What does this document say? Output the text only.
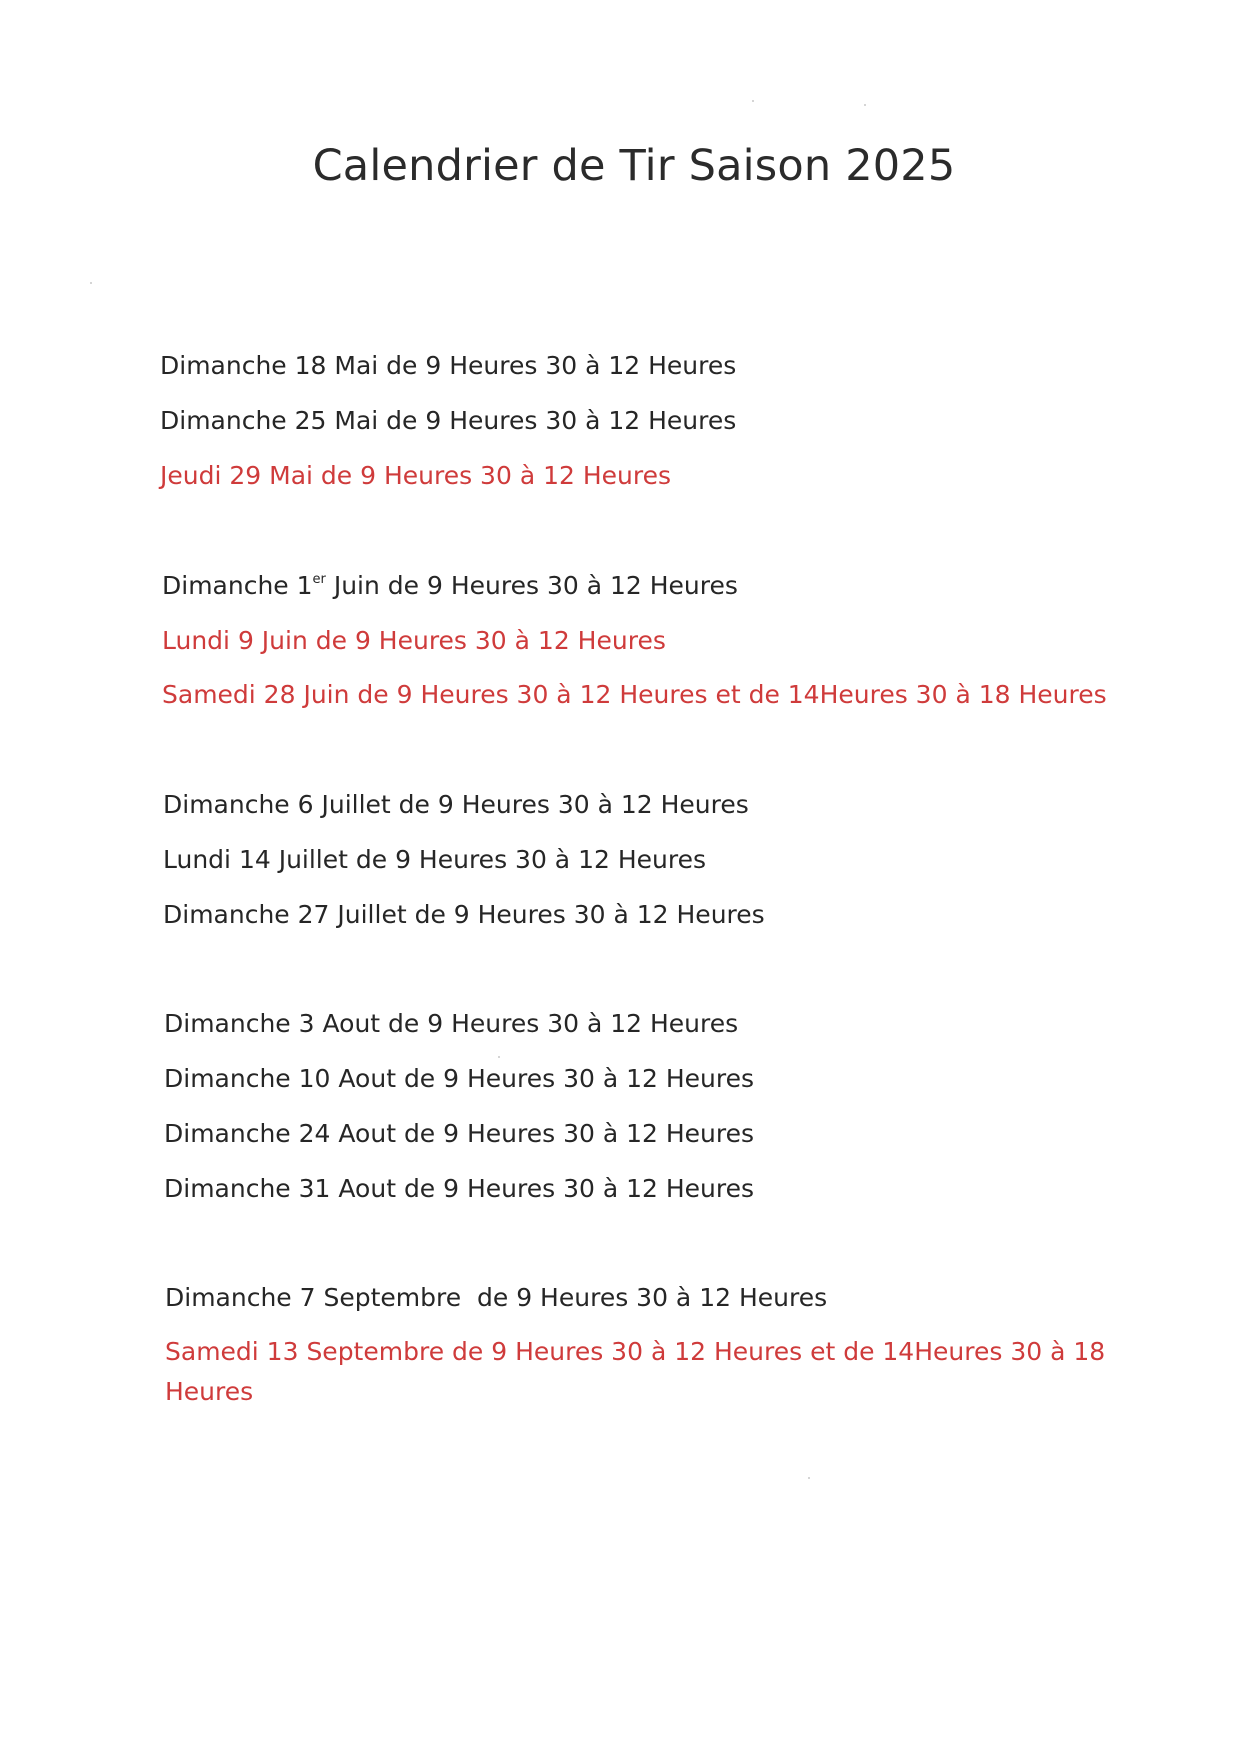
Calendrier de Tir Saison 2025
Dimanche 18 Mai de 9 Heures 30 à 12 Heures
Dimanche 25 Mai de 9 Heures 30 à 12 Heures
Jeudi 29 Mai de 9 Heures 30 à 12 Heures
Dimanche 1er Juin de 9 Heures 30 à 12 Heures
Lundi 9 Juin de 9 Heures 30 à 12 Heures
Samedi 28 Juin de 9 Heures 30 à 12 Heures et de 14Heures 30 à 18 Heures
Dimanche 6 Juillet de 9 Heures 30 à 12 Heures
Lundi 14 Juillet de 9 Heures 30 à 12 Heures
Dimanche 27 Juillet de 9 Heures 30 à 12 Heures
Dimanche 3 Aout de 9 Heures 30 à 12 Heures
Dimanche 10 Aout de 9 Heures 30 à 12 Heures
Dimanche 24 Aout de 9 Heures 30 à 12 Heures
Dimanche 31 Aout de 9 Heures 30 à 12 Heures
Dimanche 7 Septembre  de 9 Heures 30 à 12 Heures
Samedi 13 Septembre de 9 Heures 30 à 12 Heures et de 14Heures 30 à 18 Heures
